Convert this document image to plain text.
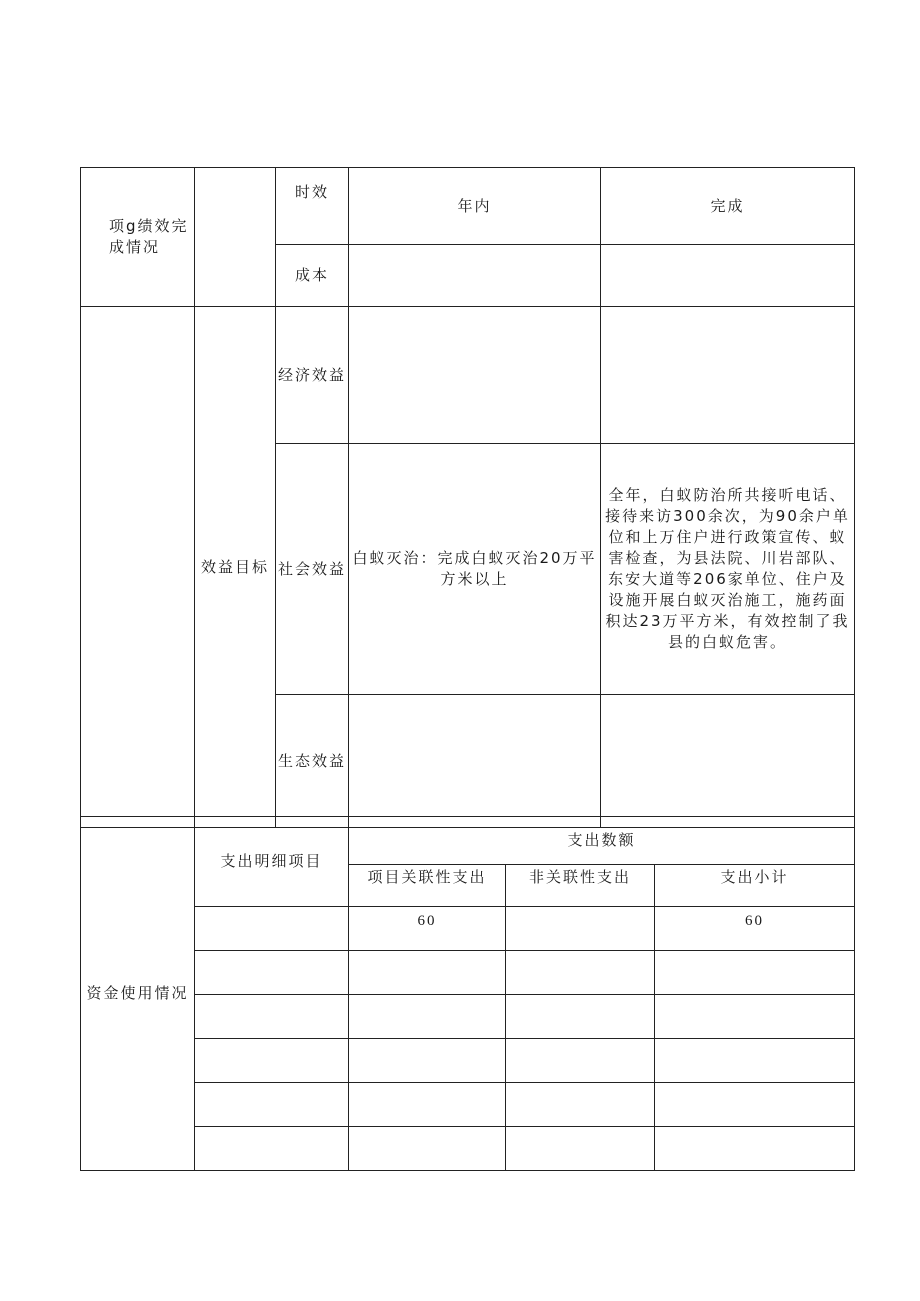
项g绩效完成情况		时效	年内	完成
		成本		
	效益目标	经济效益		
		社会效益	白蚁灭治：完成白蚁灭治20万平方米以上	全年，白蚁防治所共接听电话、接待来访300余次，为90余户单位和上万住户进行政策宣传、蚁害检查，为县法院、川岩部队、东安大道等206家单位、住户及设施开展白蚁灭治施工，施药面积达23万平方米，有效控制了我县的白蚁危害。
		生态效益		
资金使用情况	支出明细项目	支出数额		
		项目关联性支出	非关联性支出	支出小计
		60		60
